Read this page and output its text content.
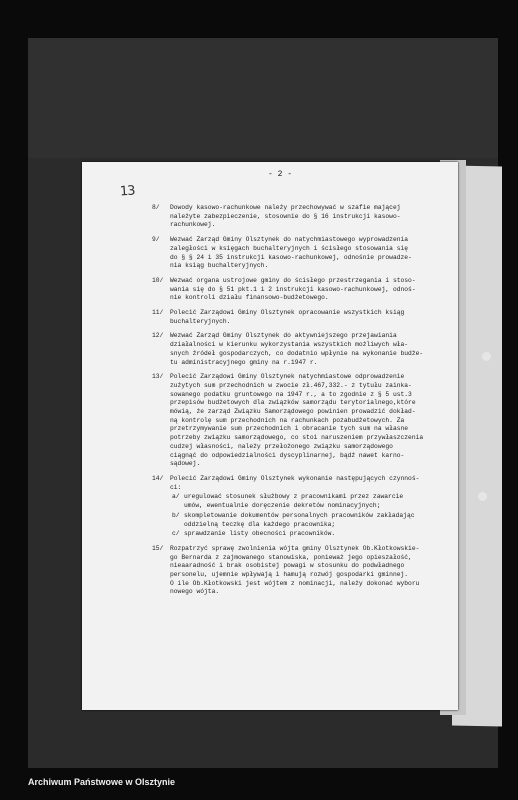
- 2 -
13
8/ Dowody kasowo-rachunkowe należy przechowywać w szafie mającej
należyte zabezpieczenie, stosownie do § 16 instrukcji kasowo-
rachunkowej.
9/ Wezwać Zarząd Gminy Olsztynek do natychmiastowego wyprowadzenia
zaległości w księgach buchalteryjnych i ścisłego stosowania się
do § § 24 i 35 instrukcji kasowo-rachunkowej, odnośnie prowadze-
nia ksiąg buchalteryjnych.
10/ Wezwać organa ustrojowe gminy do ścisłego przestrzegania i stoso-
wania się do § 51 pkt.1 i 2 instrukcji kasowo-rachunkowej, odnoś-
nie kontroli działu finansowo-budżetowego.
11/ Polecić Zarządowi Gminy Olsztynek opracowanie wszystkich ksiąg
buchalteryjnych.
12/ Wezwać Zarząd Gminy Olsztynek do aktywniejszego przejawiania
działalności w kierunku wykorzystania wszystkich możliwych wła-
snych źródeł gospodarczych, co dodatnio wpłynie na wykonanie budże-
tu administracyjnego gminy na r.1947 r.
13/ Polecić Zarządowi Gminy Olsztynek natychmiastowe odprowadzenie
zużytych sum przechodnich w zwocie zł.467,332.- z tytułu zainka-
sowanego podatku gruntowego na 1947 r., a to zgodnie z § 5 ust.3
przepisów budżetowych dla związków samorządu terytorialnego,które
mówią, że zarząd Związku Samorządowego powinien prowadzić dokład-
ną kontrolę sum przechodnich na rachunkach pozabudżetowych. Za
przetrzymywanie sum przechodnich i obracanie tych sum na własne
potrzeby związku samorządowego, co stoi naruszeniem przywłaszczenia
cudzej własności, należy przełożonego związku samorządowego
ciągnąć do odpowiedzialności dyscyplinarnej, bądź nawet karno-
sądowej.
14/ Polecić Zarządowi Gminy Olsztynek wykonanie następujących czynnoś-
ci:
a/ uregulować stosunek służbowy z pracownikami przez zawarcie
umów, ewentualnie doręczenie dekretów nominacyjnych;
b/ skompletowanie dokumentów personalnych pracowników zakładając
oddzielną teczkę dla każdego pracownika;
c/ sprawdzanie listy obecności pracowników.
15/ Rozpatrzyć sprawę zwolnienia wójta gminy Olsztynek Ob.Kłotkowskie-
go Bernarda z zajmowanego stanowiska, ponieważ jego opieszałość,
nieaaradność i brak osobistej powagi w stosunku do podwładnego
personelu, ujemnie wpływają i hamują rozwój gospodarki gminnej.
O ile Ob.Kłotkowski jest wójtem z nominacji, należy dokonać wyboru
nowego wójta.
Archiwum Państwowe w Olsztynie
